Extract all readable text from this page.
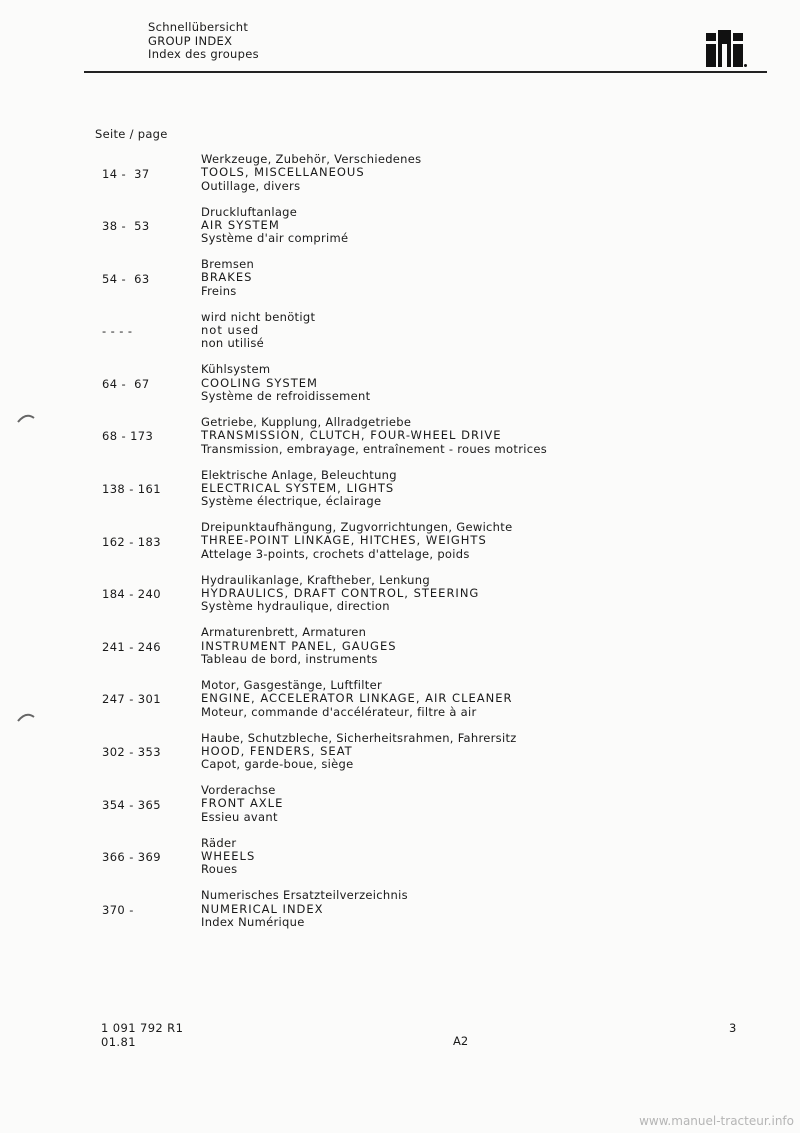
Schnellübersicht
GROUP INDEX
Index des groupes
Seite / page
14 -  37
Werkzeuge, Zubehör, Verschiedenes
TOOLS, MISCELLANEOUS
Outillage, divers
38 -  53
Druckluftanlage
AIR SYSTEM
Système d'air comprimé
54 -  63
Bremsen
BRAKES
Freins
- - - -
wird nicht benötigt
not used
non utilisé
64 -  67
Kühlsystem
COOLING SYSTEM
Système de refroidissement
68 - 173
Getriebe, Kupplung, Allradgetriebe
TRANSMISSION, CLUTCH, FOUR-WHEEL DRIVE
Transmission, embrayage, entraînement - roues motrices
138 - 161
Elektrische Anlage, Beleuchtung
ELECTRICAL SYSTEM, LIGHTS
Système électrique, éclairage
162 - 183
Dreipunktaufhängung, Zugvorrichtungen, Gewichte
THREE-POINT LINKAGE, HITCHES, WEIGHTS
Attelage 3-points, crochets d'attelage, poids
184 - 240
Hydraulikanlage, Kraftheber, Lenkung
HYDRAULICS, DRAFT CONTROL, STEERING
Système hydraulique, direction
241 - 246
Armaturenbrett, Armaturen
INSTRUMENT PANEL, GAUGES
Tableau de bord, instruments
247 - 301
Motor, Gasgestänge, Luftfilter
ENGINE, ACCELERATOR LINKAGE, AIR CLEANER
Moteur, commande d'accélérateur, filtre à air
302 - 353
Haube, Schutzbleche, Sicherheitsrahmen, Fahrersitz
HOOD, FENDERS, SEAT
Capot, garde-boue, siège
354 - 365
Vorderachse
FRONT AXLE
Essieu avant
366 - 369
Räder
WHEELS
Roues
370 -
Numerisches Ersatzteilverzeichnis
NUMERICAL INDEX
Index Numérique
1 091 792 R1
01.81	A2
3
www.manuel-tracteur.info
